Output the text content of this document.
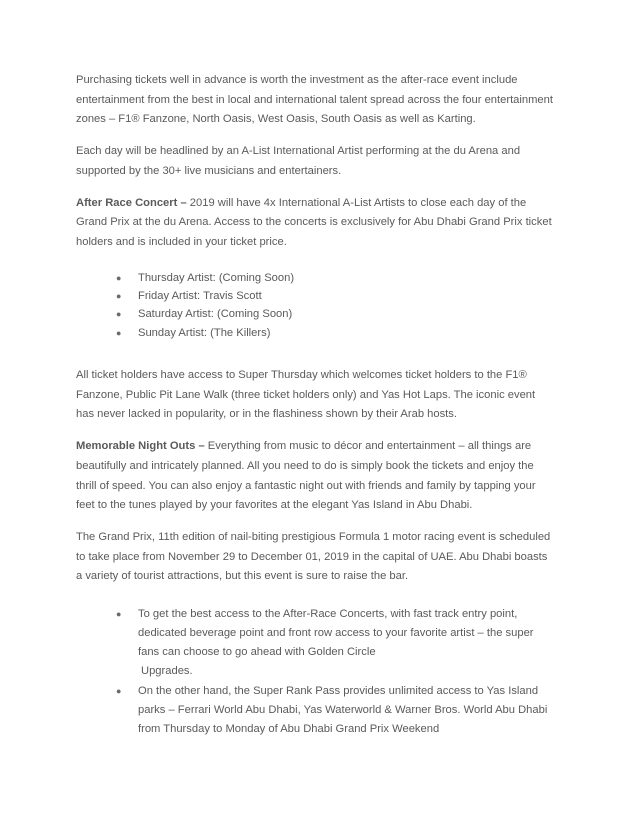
Purchasing tickets well in advance is worth the investment as the after-race event include entertainment from the best in local and international talent spread across the four entertainment zones – F1® Fanzone, North Oasis, West Oasis, South Oasis as well as Karting.

Each day will be headlined by an A-List International Artist performing at the du Arena and supported by the 30+ live musicians and entertainers.

After Race Concert – 2019 will have 4x International A-List Artists to close each day of the Grand Prix at the du Arena. Access to the concerts is exclusively for Abu Dhabi Grand Prix ticket holders and is included in your ticket price.

● Thursday Artist: (Coming Soon)
● Friday Artist: Travis Scott
● Saturday Artist: (Coming Soon)
● Sunday Artist: (The Killers)

All ticket holders have access to Super Thursday which welcomes ticket holders to the F1® Fanzone, Public Pit Lane Walk (three ticket holders only) and Yas Hot Laps. The iconic event has never lacked in popularity, or in the flashiness shown by their Arab hosts.

Memorable Night Outs – Everything from music to décor and entertainment – all things are beautifully and intricately planned. All you need to do is simply book the tickets and enjoy the thrill of speed. You can also enjoy a fantastic night out with friends and family by tapping your feet to the tunes played by your favorites at the elegant Yas Island in Abu Dhabi.

The Grand Prix, 11th edition of nail-biting prestigious Formula 1 motor racing event is scheduled to take place from November 29 to December 01, 2019 in the capital of UAE. Abu Dhabi boasts a variety of tourist attractions, but this event is sure to raise the bar.

● To get the best access to the After-Race Concerts, with fast track entry point, dedicated beverage point and front row access to your favorite artist – the super fans can choose to go ahead with Golden Circle
Upgrades.
● On the other hand, the Super Rank Pass provides unlimited access to Yas Island parks – Ferrari World Abu Dhabi, Yas Waterworld & Warner Bros. World Abu Dhabi from Thursday to Monday of Abu Dhabi Grand Prix Weekend
